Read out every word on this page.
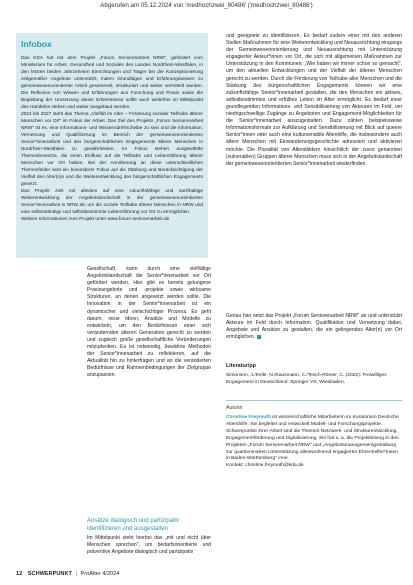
Abgerufen am 05.12.2024 von 'medhochzwei_80486' ('medhochzwei_80486')
Infobox

Das KDA hat mit dem Projekt „Forum Seniorenarbeit NRW", gefördert vom Ministerium für Arbeit, Gesundheit und Soziales des Landes Nordrhein-Westfalen, in den letzten beiden Jahrzehnten Einrichtungen und Träger bei der Konzeptionierung zeitgemäßer Angebote unterstützt, indem Grundlagen und Erfahrungswissen zu gemeinwesenorientierter Arbeit gesammelt, strukturiert und weiter vermittelt wurden. Die Reflexion von Wissen und Erfahrungen aus Forschung und Praxis sowie die Begleitung der Umsetzung dieser Erkenntnisse sollte auch weiterhin im Mittelpunkt des Handelns stehen und weiter ausgebaut werden.

2024 bis 2027 steht das Thema „Vielfalt im Alter – Förderung sozialer Teilhabe älterer Menschen vor Ort" im Fokus der Arbeit. Das Ziel des Projekts „Forum Seniorenarbeit NRW" ist es, eine Informations- und Wissensdrehscheibe zu sein und die Information, Vernetzung und Qualifizierung im Bereich der gemeinwesenorientierten Senior*innenarbeit und des bürgerschaftlichen Engagements älterer Menschen in Nordrhein-Westfalen zu gewährleisten. Im Fokus stehen ausgewählte Themenbereiche, die einen Einfluss auf die Teilhabe und Lebensführung älterer Menschen vor Ort haben. Bei der Annäherung an diese unterschiedlichen Themenfelder wird ein besonderer Fokus auf die Stärkung und Berücksichtigung der Vielfalt des Alter(n)s und die Weiterentwicklung des bürgerschaftlichen Engagements gesetzt.

Das Projekt zielt mit alledem auf eine zukunftsfähige und nachhaltige Weiterentwicklung der Angebotslandschaft in der gemeinwesenorientierten Senior*innenarbeit in NRW ab, um die soziale Teilhabe älterer Menschen in NRW und eine selbstständige und selbstbestimmte Lebensführung vor Ort zu ermöglichen.

Weitere Informationen zum Projekt unter www.forum-seniorenarbeit.de

und geeignete zu identifizieren. Es bedarf zudem einer mit den anderen Stellen Maßnahmen für eine Weiterentwicklung und Neuausrichtung eingangs der Gemeinwesenorientierung und Neuausrichtung mit Unterstützung engagierter Akteur*innen vor Ort, die sich mit allgemeinen Maßnahmen zur Unterstützung in den Kommunen: „Wie haben wir immer schon so gemacht", um den aktuellen Entwicklungen und der Vielfalt der älteren Menschen gerecht zu werden. Durch die Förderung von Teilhabe aller Menschen und die Stärkung des bürgerschaftlichen Engagements können wir eine zukunftsfähige Senior*innenarbeit gestalten, die den Menschen ein aktives, selbstbestimmtes und erfülltes Leben im Alter ermöglicht. Es bedarf einer grundlegenden Informations- und Sensibilisierung von Akteuren im Feld, um niedrigschwellige Zugänge zu Angeboten und Engagement-Möglichkeiten für die Senior*innenarbeit auszugestalten. Dazu zählen beispielsweise Informationsformate zur Aufklärung und Sensibilisierung mit Blick auf queere Senior*innen oder auch eine kultursensible Altenhilfe, die insbesondere auch ältere Menschen mit Einwanderungsgeschichte adressiert und aktivieren möchte. Die Pluralität von Altersbildern hinsichtlich der zuvor genannten (vulnerablen) Gruppen älterer Menschen muss sich in der Angebotslandschaft der gemeinwesenorientierten Senior*innenarbeit wiederfinden.

Genau hier setzt das Projekt „Forum Seniorenarbeit NRW" an und unterstützt Akteure im Feld durch Information, Qualifikation und Vernetzung dabei, Angebote und Ansätze zu gestalten, die ein gelingendes Alter(n) vor Ort ermöglichen.

Literatur/pp
Simonson, J./Kelle, N./Kausmann, C./Tesch-Römer, C. (2022): Freiwilliges Engagement in Deutschland. Springer VS, Wiesbaden.
Autorin
Christine Freymuth ist wissenschaftliche Mitarbeiterin im Kuratorium Deutsche Altershilfe. Sie begleitet und entwickelt Modell- und Forschungsprojekte. Schwerpunkte ihrer Arbeit sind die Themen Netzwerk- und Strukturentwicklung, Engagementförderung und Digitalisierung. Sie hat u. a. die Projektleitung in den Projekten „Forum Seniorenarbeit NRW" und „Angebotsmanagementgestaltung zur quartiersnahen Unterstützung alleinwohnend engagierter Ehrenhelfer*innen in Baden-Württemberg" inne.
Kontakt: christine.freymuth@kda.de

Gesellschaft, kann durch eine vielfältige Angebotslandschaft die Senior*innenarbeit vor Ort gefördert werden. Hier gibt es bereits gelungene Praxisangebote und -projekte sowie wirksame Strukturen, an denen angesetzt werden sollte. Die Innovation in der Senior*innenarbeit ist ein dynamischer und vielschichtiger Prozess. Es geht darum, neue Ideen, Ansätze und Modelle zu entwickeln, um den Bedürfnissen einer sich verändernden älteren Generation gerecht zu werden und zugleich große gesellschaftliche Veränderungen mitzudenken. Es ist notwendig, bewährte Methoden der Senior*innenarbeit zu reflektieren, auf die Aktualität hin zu hinterfragen und an die veränderten Bedürfnisse und Rahmenbedingungen der Zielgruppe anzupassen.

Ansätze dialogisch und partizipativ identifizieren und ausgestalten

Im Mittelpunkt steht hierbei das „mit und nicht über Menschen sprechen", um bedarfsorientierte und präventive Angebote dialogisch und partizipativ

12 SCHWERPUNKT | ProAlter 4/2024
